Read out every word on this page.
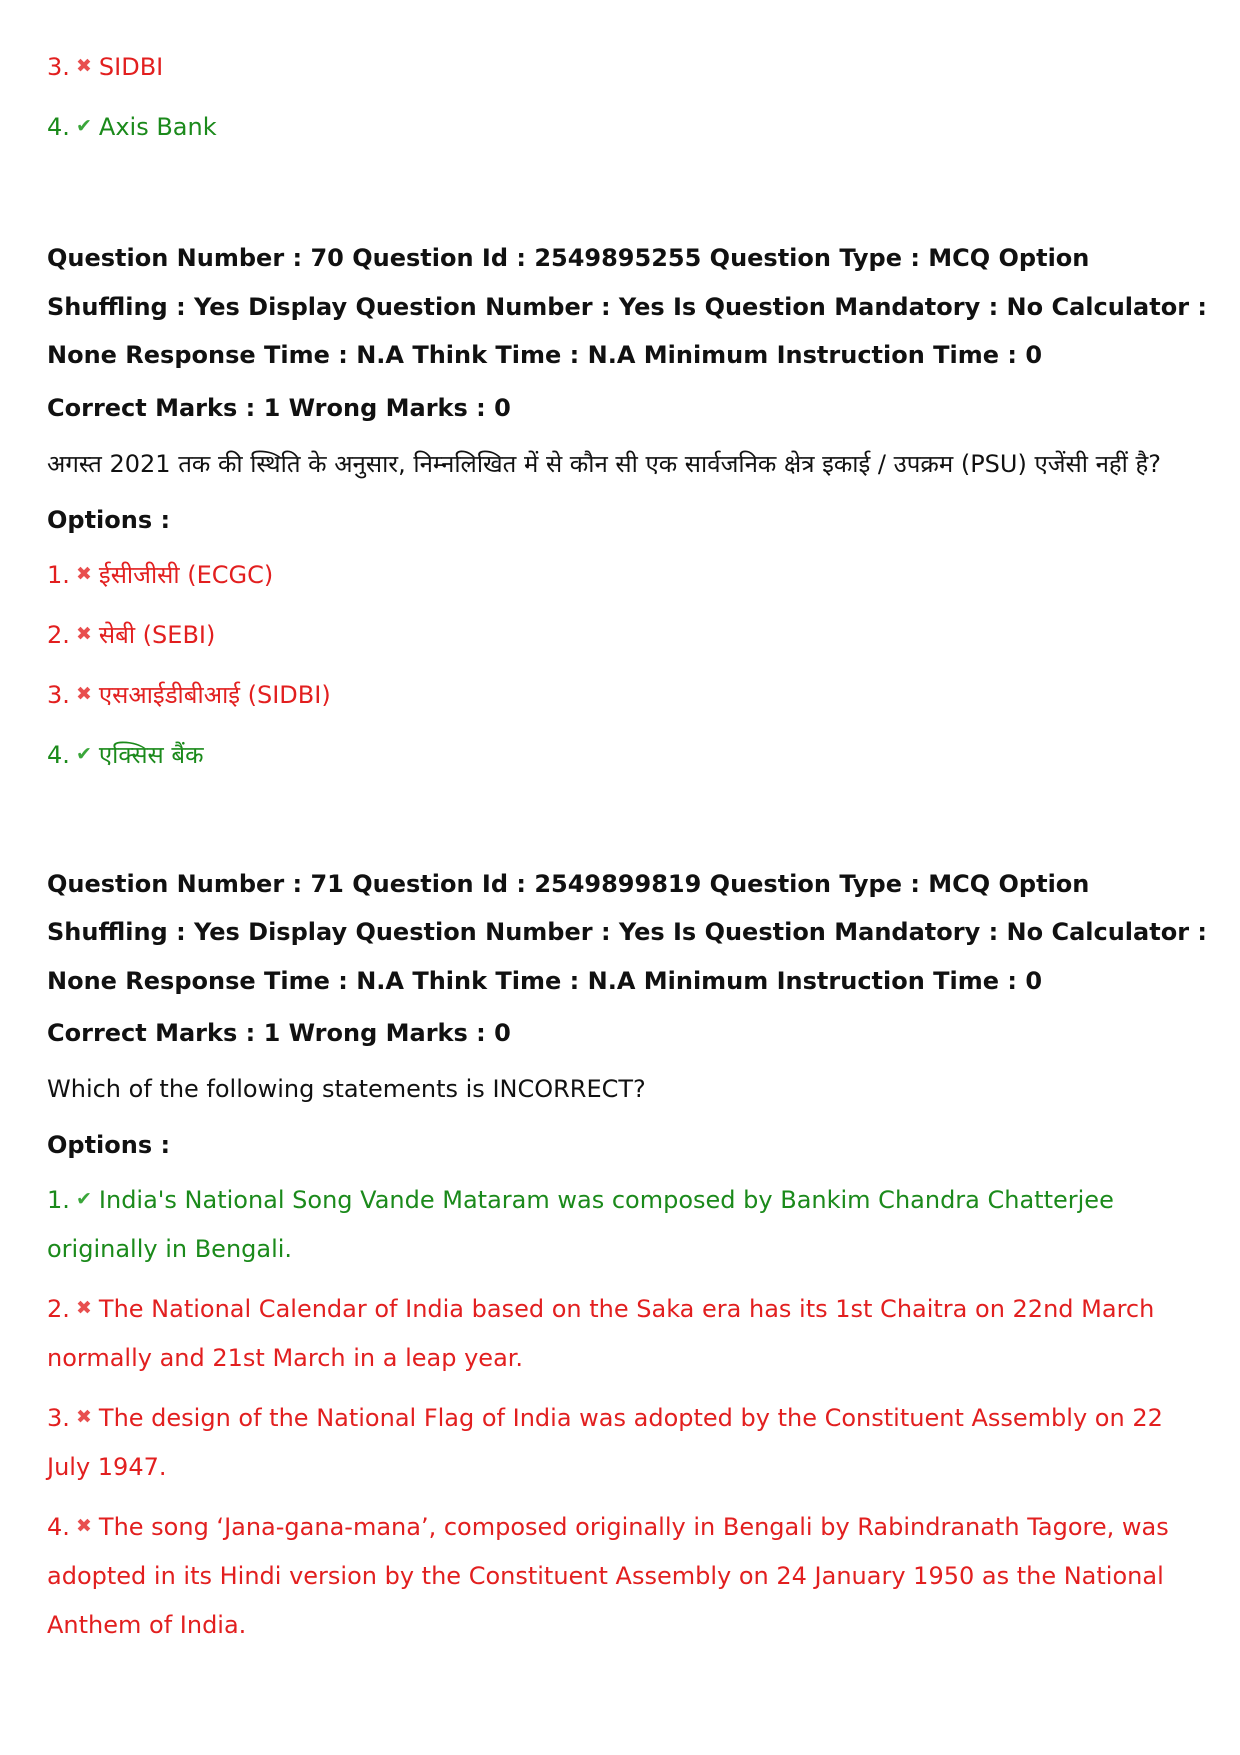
3. ✖ SIDBI
4. ✔ Axis Bank

Question Number : 70 Question Id : 2549895255 Question Type : MCQ Option Shuffling : Yes Display Question Number : Yes Is Question Mandatory : No Calculator : None Response Time : N.A Think Time : N.A Minimum Instruction Time : 0

Correct Marks : 1 Wrong Marks : 0

अगस्त 2021 तक की स्थिति के अनुसार, निम्नलिखित में से कौन सी एक सार्वजनिक क्षेत्र इकाई / उपक्रम (PSU) एजेंसी नहीं है?

Options :

1. ✖ ईसीजीसी (ECGC)
2. ✖ सेबी (SEBI)
3. ✖ एसआईडीबीआई (SIDBI)
4. ✔ एक्सिस बैंक

Question Number : 71 Question Id : 2549899819 Question Type : MCQ Option Shuffling : Yes Display Question Number : Yes Is Question Mandatory : No Calculator : None Response Time : N.A Think Time : N.A Minimum Instruction Time : 0

Correct Marks : 1 Wrong Marks : 0

Which of the following statements is INCORRECT?

Options :

1. ✔ India's National Song Vande Mataram was composed by Bankim Chandra Chatterjee originally in Bengali.
2. ✖ The National Calendar of India based on the Saka era has its 1st Chaitra on 22nd March normally and 21st March in a leap year.
3. ✖ The design of the National Flag of India was adopted by the Constituent Assembly on 22 July 1947.
4. ✖ The song ‘Jana-gana-mana’, composed originally in Bengali by Rabindranath Tagore, was adopted in its Hindi version by the Constituent Assembly on 24 January 1950 as the National Anthem of India.
